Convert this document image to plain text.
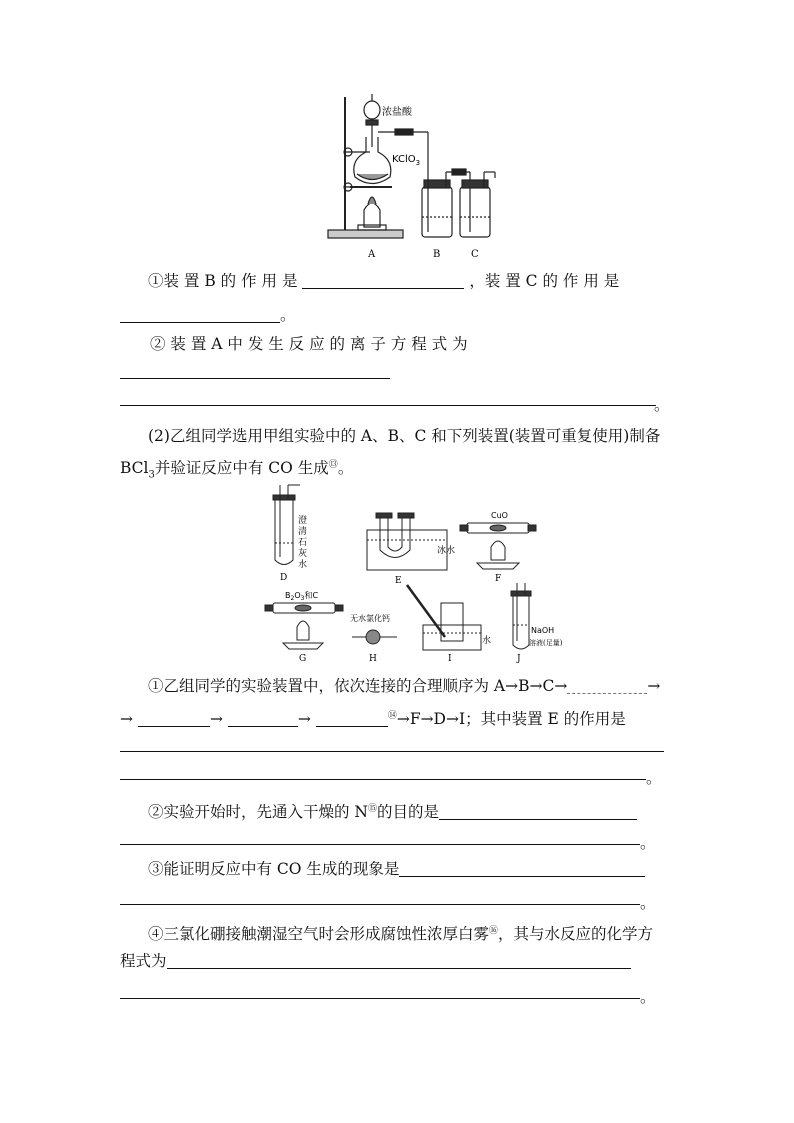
浓盐酸
KClO$_3$
A	B	C
①装 置 B 的 作 用 是	，装 置 C 的 作 用 是
。
② 装 置 A 中 发 生 反 应 的 离 子 方 程 式 为
。
(2)乙组同学选用甲组实验中的 A、B、C 和下列装置(装置可重复使用)制备
BCl$_3$并验证反应中有 CO 生成⑬。
澄
清
石
灰
水
D
冰水
E
CuO
F
$B_2O_3$和C
G
无水氯化钙
H
水
I
NaOH
溶液(足量)
J
①乙组同学的实验装置中，依次连接的合理顺序为 A→B→C→	→
→	→	→	⑭→F→D→I；其中装置 E 的作用是
。
②实验开始时，先通入干燥的 N⑮的目的是
。
③能证明反应中有 CO 生成的现象是
。
④三氯化硼接触潮湿空气时会形成腐蚀性浓厚白雾⑯，其与水反应的化学方
程式为
。
